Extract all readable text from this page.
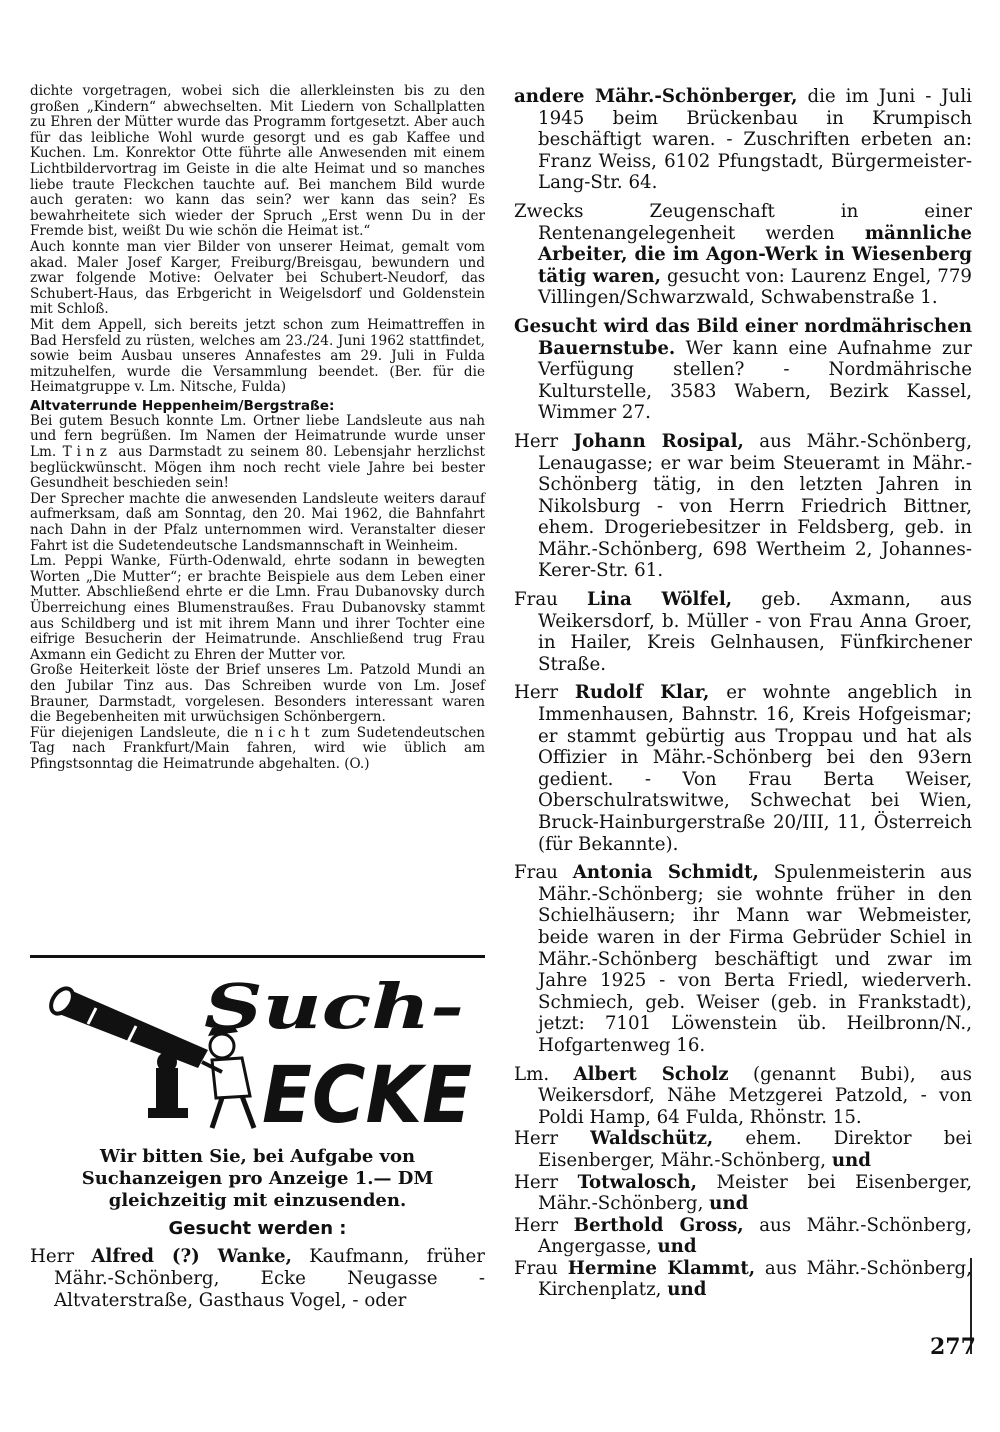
dichte vorgetragen, wobei sich die allerkleinsten bis zu den großen „Kindern“ abwechselten. Mit Liedern von Schallplatten zu Ehren der Mütter wurde das Programm fortgesetzt. Aber auch für das leibliche Wohl wurde gesorgt und es gab Kaffee und Kuchen. Lm. Konrektor Otte führte alle Anwesenden mit einem Lichtbildervortrag im Geiste in die alte Heimat und so manches liebe traute Fleckchen tauchte auf. Bei manchem Bild wurde auch geraten: wo kann das sein? wer kann das sein? Es bewahrheitete sich wieder der Spruch „Erst wenn Du in der Fremde bist, weißt Du wie schön die Heimat ist.“

Auch konnte man vier Bilder von unserer Heimat, gemalt vom akad. Maler Josef Karger, Freiburg/Breisgau, bewundern und zwar folgende Motive: Oelvater bei Schubert-Neudorf, das Schubert-Haus, das Erbgericht in Weigelsdorf und Goldenstein mit Schloß.

Mit dem Appell, sich bereits jetzt schon zum Heimattreffen in Bad Hersfeld zu rüsten, welches am 23./24. Juni 1962 stattfindet, sowie beim Ausbau unseres Annafestes am 29. Juli in Fulda mitzuhelfen, wurde die Versammlung beendet. (Ber. für die Heimatgruppe v. Lm. Nitsche, Fulda)

Altvaterrunde Heppenheim/Bergstraße:

Bei gutem Besuch konnte Lm. Ortner liebe Landsleute aus nah und fern begrüßen. Im Namen der Heimatrunde wurde unser Lm. Tinz aus Darmstadt zu seinem 80. Lebensjahr herzlichst beglückwünscht. Mögen ihm noch recht viele Jahre bei bester Gesundheit beschieden sein!

Der Sprecher machte die anwesenden Landsleute weiters darauf aufmerksam, daß am Sonntag, den 20. Mai 1962, die Bahnfahrt nach Dahn in der Pfalz unternommen wird. Veranstalter dieser Fahrt ist die Sudetendeutsche Landsmannschaft in Weinheim.

Lm. Peppi Wanke, Fürth-Odenwald, ehrte sodann in bewegten Worten „Die Mutter“; er brachte Beispiele aus dem Leben einer Mutter. Abschließend ehrte er die Lmn. Frau Dubanovsky durch Überreichung eines Blumenstraußes. Frau Dubanovsky stammt aus Schildberg und ist mit ihrem Mann und ihrer Tochter eine eifrige Besucherin der Heimatrunde. Anschließend trug Frau Axmann ein Gedicht zu Ehren der Mutter vor.

Große Heiterkeit löste der Brief unseres Lm. Patzold Mundi an den Jubilar Tinz aus. Das Schreiben wurde von Lm. Josef Brauner, Darmstadt, vorgelesen. Besonders interessant waren die Begebenheiten mit urwüchsigen Schönbergern.

Für diejenigen Landsleute, die nicht zum Sudetendeutschen Tag nach Frankfurt/Main fahren, wird wie üblich am Pfingstsonntag die Heimatrunde abgehalten. (O.)

Such-
ECKE

Wir bitten Sie, bei Aufgabe von Suchanzeigen pro Anzeige 1.— DM gleichzeitig mit einzusenden.

Gesucht werden :

Herr Alfred (?) Wanke, Kaufmann, früher Mähr.-Schönberg, Ecke Neugasse - Altvaterstraße, Gasthaus Vogel, - oder

andere Mähr.-Schönberger, die im Juni - Juli 1945 beim Brückenbau in Krumpisch beschäftigt waren. - Zuschriften erbeten an: Franz Weiss, 6102 Pfungstadt, Bürgermeister-Lang-Str. 64.

Zwecks Zeugenschaft in einer Rentenangelegenheit werden männliche Arbeiter, die im Agon-Werk in Wiesenberg tätig waren, gesucht von: Laurenz Engel, 779 Villingen/Schwarzwald, Schwabenstraße 1.

Gesucht wird das Bild einer nordmährischen Bauernstube. Wer kann eine Aufnahme zur Verfügung stellen? - Nordmährische Kulturstelle, 3583 Wabern, Bezirk Kassel, Wimmer 27.

Herr Johann Rosipal, aus Mähr.-Schönberg, Lenaugasse; er war beim Steueramt in Mähr.-Schönberg tätig, in den letzten Jahren in Nikolsburg - von Herrn Friedrich Bittner, ehem. Drogeriebesitzer in Feldsberg, geb. in Mähr.-Schönberg, 698 Wertheim 2, Johannes-Kerer-Str. 61.

Frau Lina Wölfel, geb. Axmann, aus Weikersdorf, b. Müller - von Frau Anna Groer, in Hailer, Kreis Gelnhausen, Fünfkirchener Straße.

Herr Rudolf Klar, er wohnte angeblich in Immenhausen, Bahnstr. 16, Kreis Hofgeismar; er stammt gebürtig aus Troppau und hat als Offizier in Mähr.-Schönberg bei den 93ern gedient. - Von Frau Berta Weiser, Oberschulratswitwe, Schwechat bei Wien, Bruck-Hainburgerstraße 20/III, 11, Österreich (für Bekannte).

Frau Antonia Schmidt, Spulenmeisterin aus Mähr.-Schönberg; sie wohnte früher in den Schielhäusern; ihr Mann war Webmeister, beide waren in der Firma Gebrüder Schiel in Mähr.-Schönberg beschäftigt und zwar im Jahre 1925 - von Berta Friedl, wiederverh. Schmiech, geb. Weiser (geb. in Frankstadt), jetzt: 7101 Löwenstein üb. Heilbronn/N., Hofgartenweg 16.

Lm. Albert Scholz (genannt Bubi), aus Weikersdorf, Nähe Metzgerei Patzold, - von Poldi Hamp, 64 Fulda, Rhönstr. 15.

Herr Waldschütz, ehem. Direktor bei Eisenberger, Mähr.-Schönberg, und

Herr Totwalosch, Meister bei Eisenberger, Mähr.-Schönberg, und

Herr Berthold Gross, aus Mähr.-Schönberg, Angergasse, und

Frau Hermine Klammt, aus Mähr.-Schönberg, Kirchenplatz, und

277
